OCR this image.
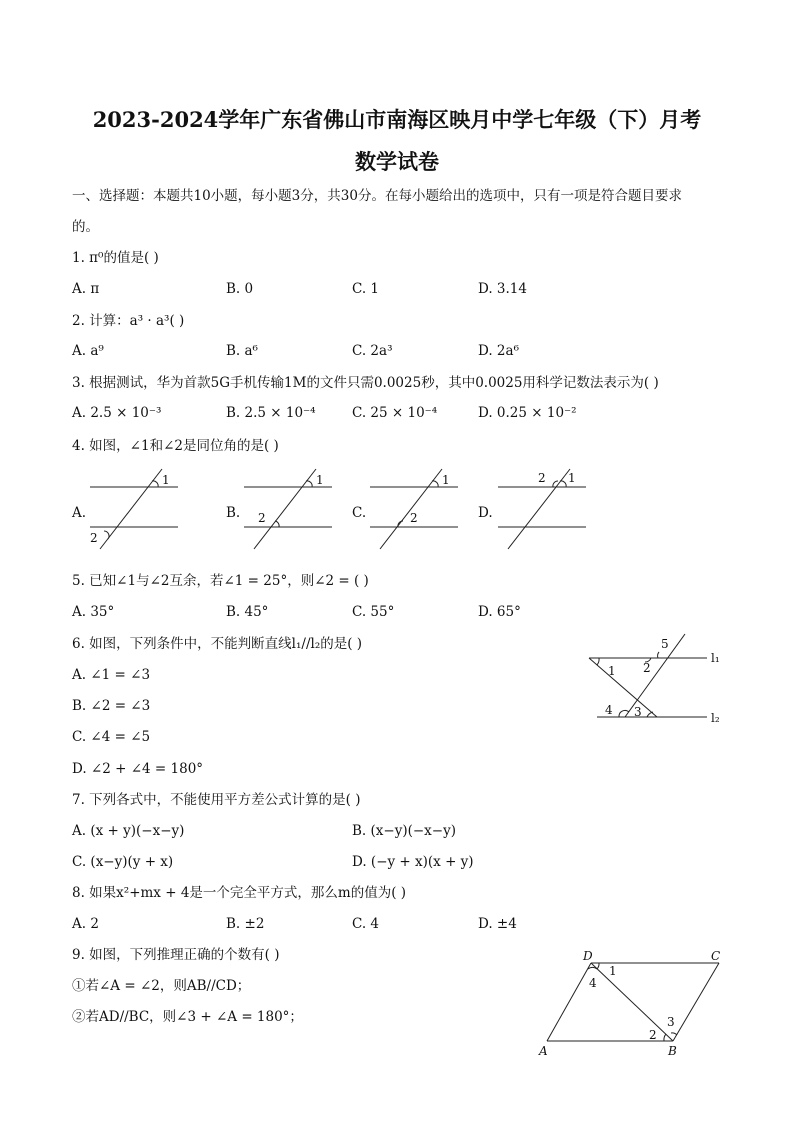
2023-2024学年广东省佛山市南海区映月中学七年级（下）月考
数学试卷
一、选择题：本题共10小题，每小题3分，共30分。在每小题给出的选项中，只有一项是符合题目要求
的。
1. π⁰的值是( )
A. π	B. 0	C. 1	D. 3.14
2. 计算：a³ · a³( )
A. a⁹	B. a⁶	C. 2a³	D. 2a⁶
3. 根据测试，华为首款5G手机传输1M的文件只需0.0025秒，其中0.0025用科学记数法表示为( )
A. 2.5 × 10⁻³	B. 2.5 × 10⁻⁴	C. 25 × 10⁻⁴	D. 0.25 × 10⁻²
4. 如图，∠1和∠2是同位角的是( )
A.	B.	C.	D.
1
2
1
2
1
2
1
2
5. 已知∠1与∠2互余，若∠1 = 25°，则∠2 = ( )
A. 35°	B. 45°	C. 55°	D. 65°
6. 如图，下列条件中，不能判断直线l₁//l₂的是( )
A. ∠1 = ∠3
B. ∠2 = ∠3
C. ∠4 = ∠5
D. ∠2 + ∠4 = 180°
1 2
3
4
5
l₁
l₂
7. 下列各式中，不能使用平方差公式计算的是( )
A. (x + y)(−x−y)	B. (x−y)(−x−y)
C. (x−y)(y + x)	D. (−y + x)(x + y)
8. 如果x²+mx + 4是一个完全平方式，那么m的值为( )
A. 2	B. ±2	C. 4	D. ±4
9. 如图，下列推理正确的个数有( )
①若∠A = ∠2，则AB//CD；
②若AD//BC，则∠3 + ∠A = 180°；
D	C
A	B
1
4
2
3
